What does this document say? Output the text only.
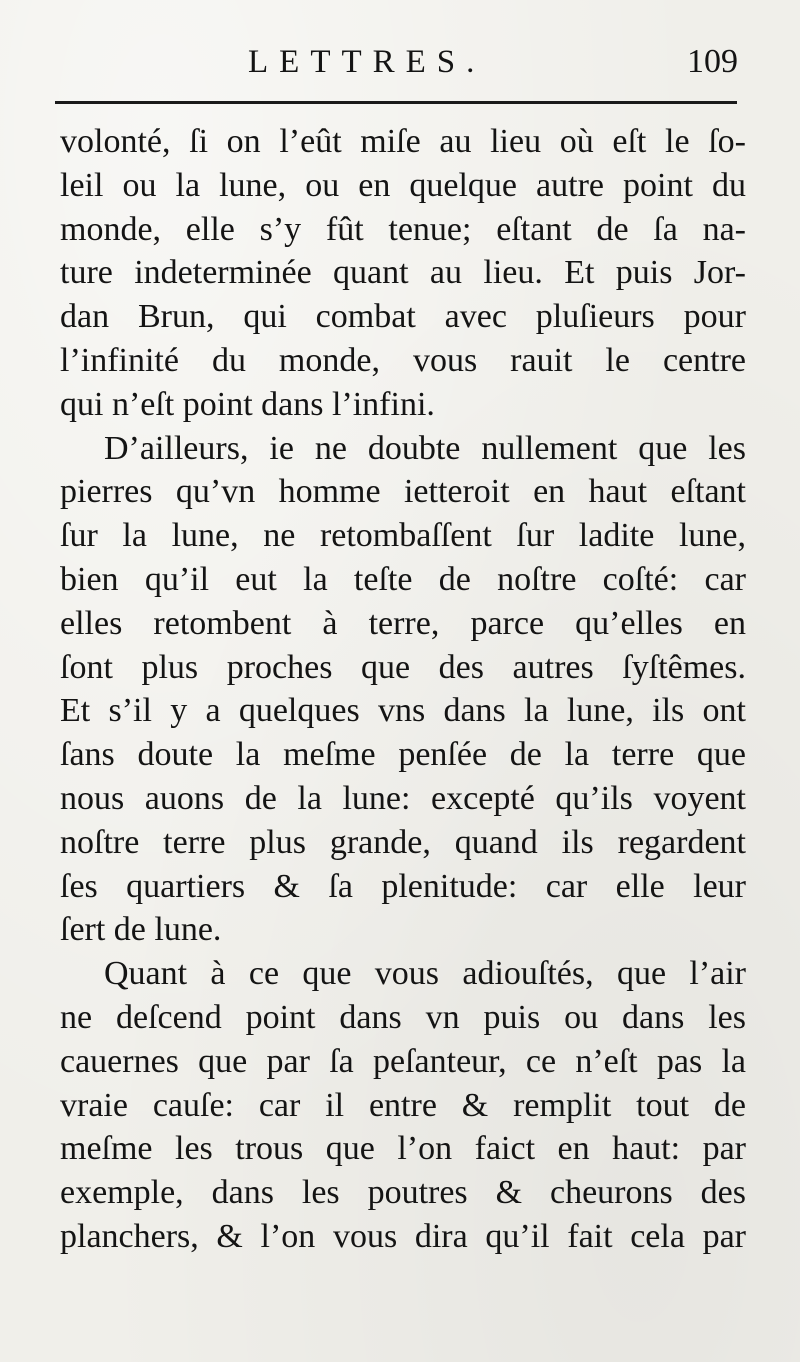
LETTRES.	109
volonté, ſi on l’eût miſe au lieu où eſt le ſo-
leil ou la lune, ou en quelque autre point du
monde, elle s’y fût tenue; eſtant de ſa na-
ture indeterminée quant au lieu. Et puis Jor-
dan Brun, qui combat avec pluſieurs pour
l’infinité du monde, vous rauit le centre
qui n’eſt point dans l’infini.
D’ailleurs, ie ne doubte nullement que les
pierres qu’vn homme ietteroit en haut eſtant
ſur la lune, ne retombaſſent ſur ladite lune,
bien qu’il eut la teſte de noſtre coſté: car
elles retombent à terre, parce qu’elles en
ſont plus proches que des autres ſyſtêmes.
Et s’il y a quelques vns dans la lune, ils ont
ſans doute la meſme penſée de la terre que
nous auons de la lune: excepté qu’ils voyent
noſtre terre plus grande, quand ils regardent
ſes quartiers & ſa plenitude: car elle leur
ſert de lune.
Quant à ce que vous adiouſtés, que l’air
ne deſcend point dans vn puis ou dans les
cauernes que par ſa peſanteur, ce n’eſt pas la
vraie cauſe: car il entre & remplit tout de
meſme les trous que l’on faict en haut: par
exemple, dans les poutres & cheurons des
planchers, & l’on vous dira qu’il fait cela par
